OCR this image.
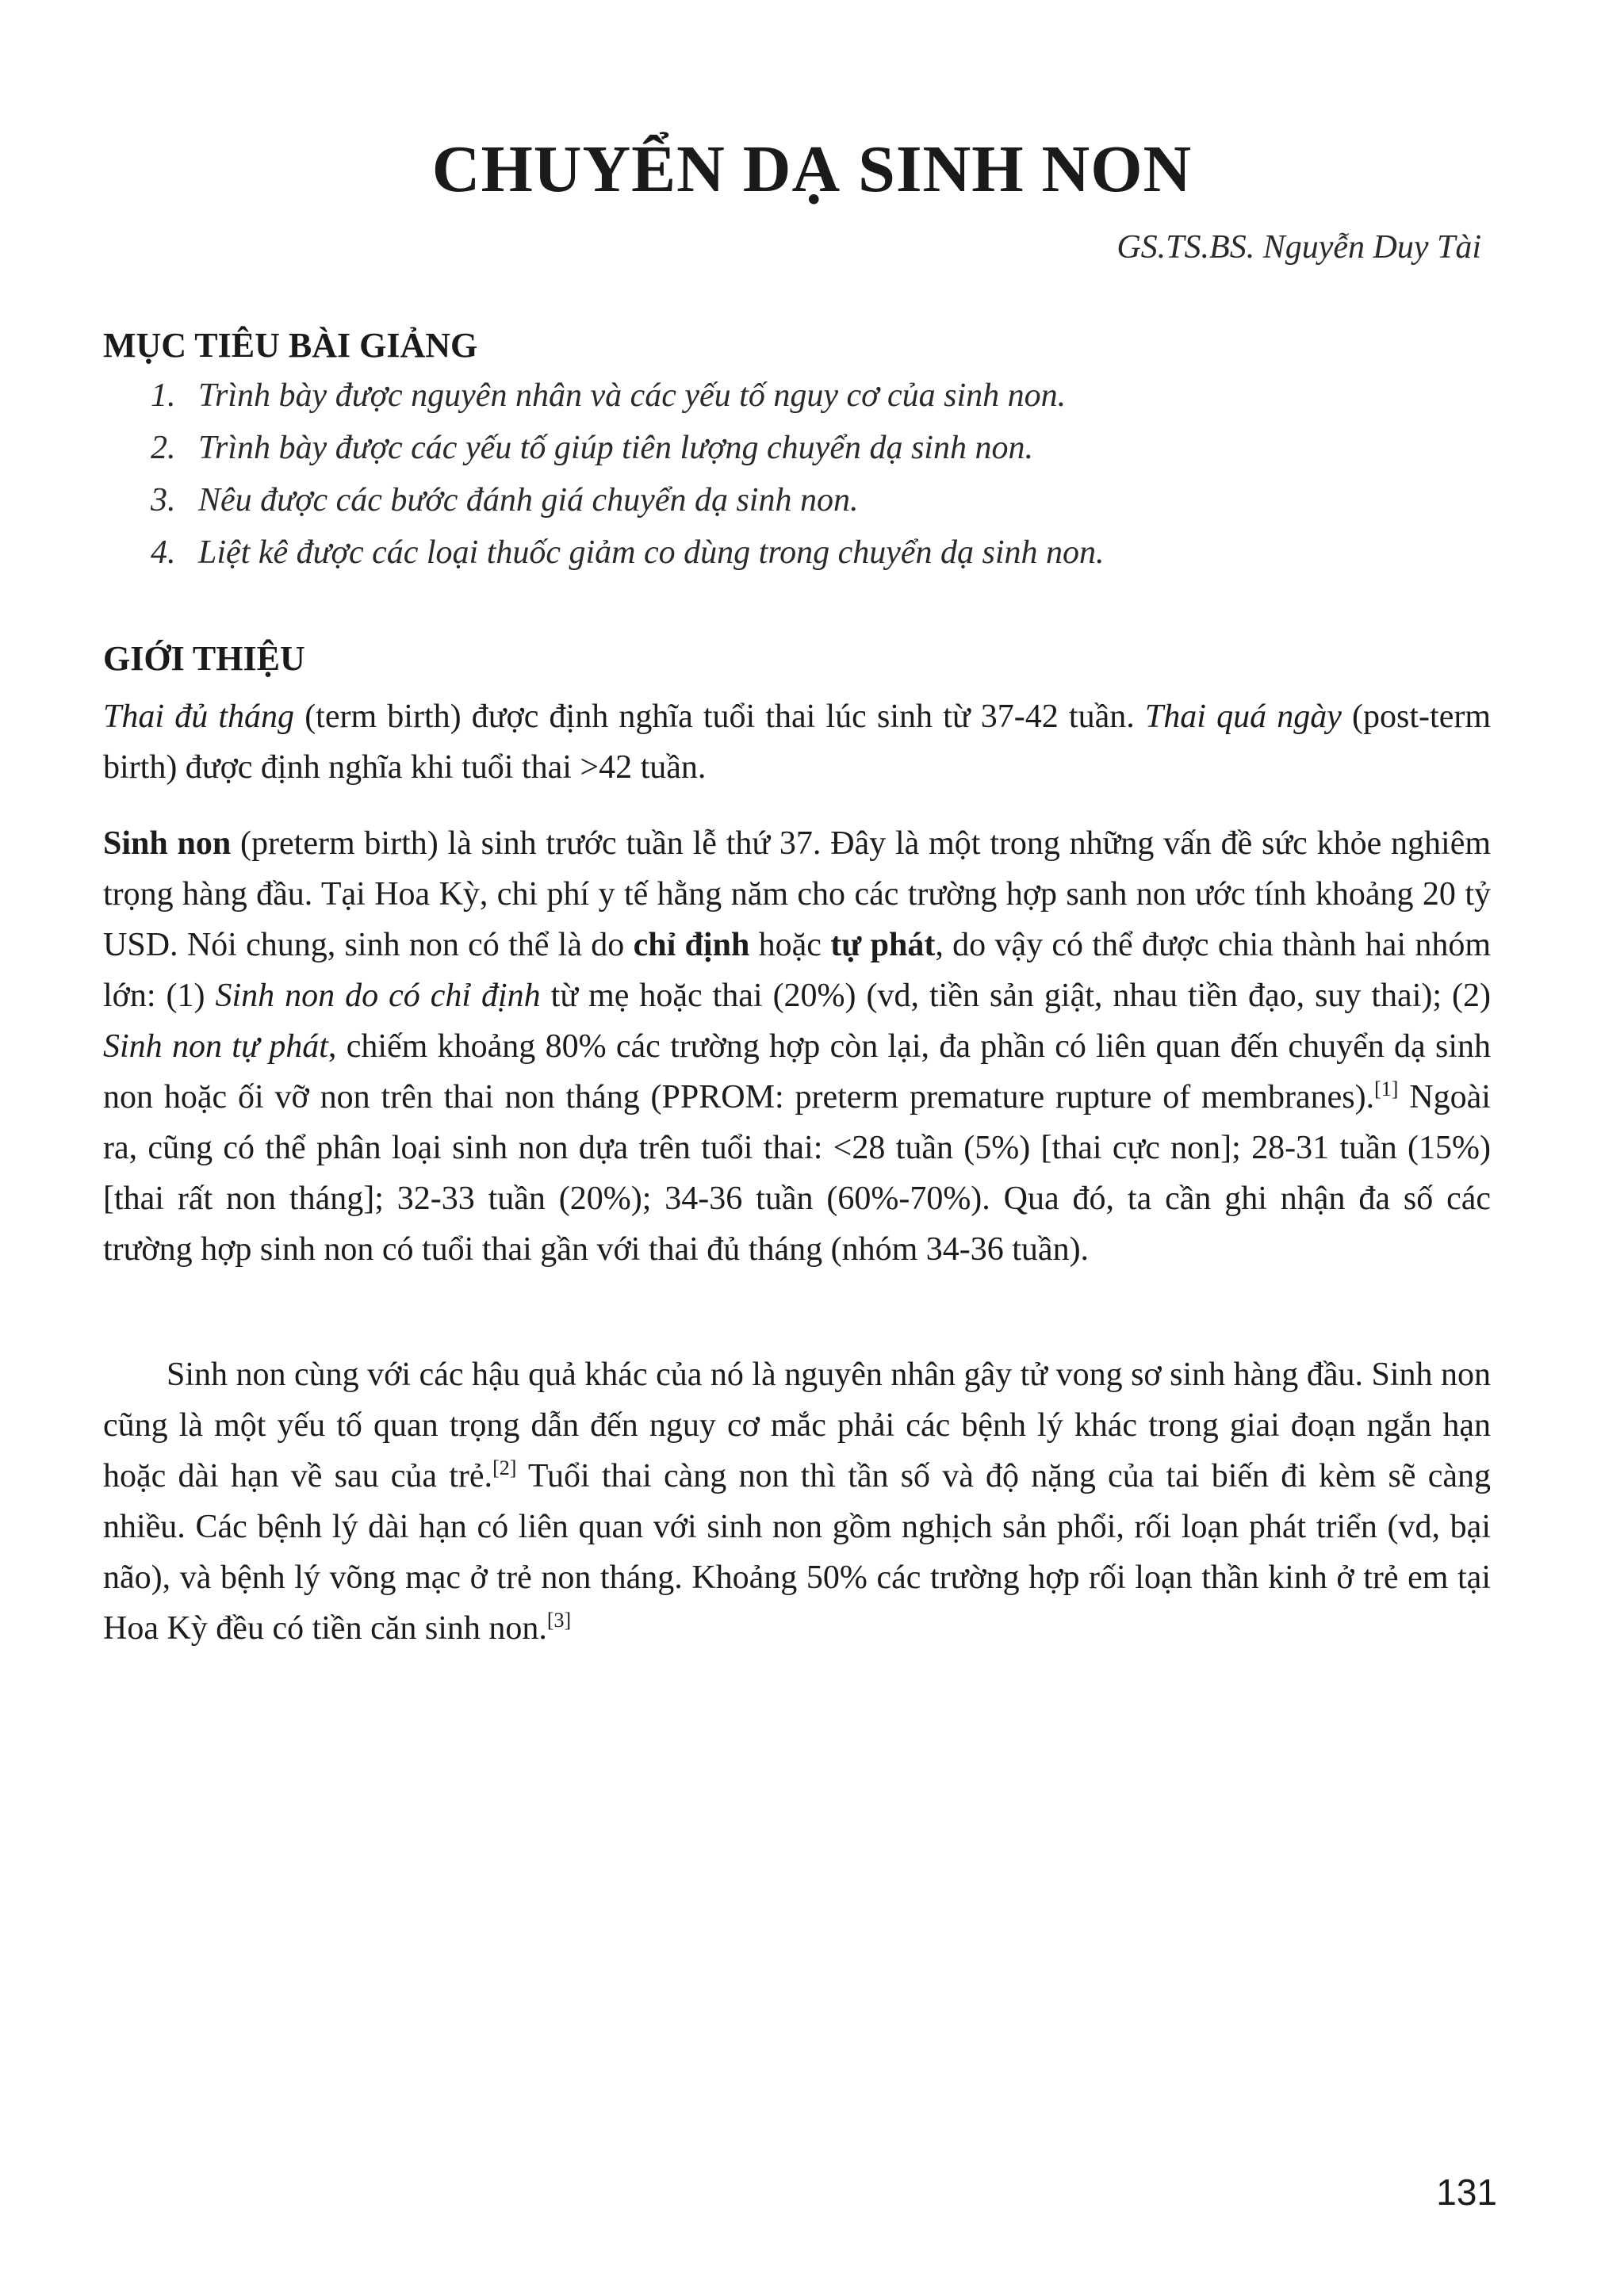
CHUYỂN DẠ SINH NON
GS.TS.BS. Nguyễn Duy Tài
MỤC TIÊU BÀI GIẢNG
1. Trình bày được nguyên nhân và các yếu tố nguy cơ của sinh non.
2. Trình bày được các yếu tố giúp tiên lượng chuyển dạ sinh non.
3. Nêu được các bước đánh giá chuyển dạ sinh non.
4. Liệt kê được các loại thuốc giảm co dùng trong chuyển dạ sinh non.
GIỚI THIỆU

Thai đủ tháng (term birth) được định nghĩa tuổi thai lúc sinh từ 37-42 tuần. Thai quá ngày (post-term birth) được định nghĩa khi tuổi thai >42 tuần.

Sinh non (preterm birth) là sinh trước tuần lễ thứ 37. Đây là một trong những vấn đề sức khỏe nghiêm trọng hàng đầu. Tại Hoa Kỳ, chi phí y tế hằng năm cho các trường hợp sanh non ước tính khoảng 20 tỷ USD. Nói chung, sinh non có thể là do chỉ định hoặc tự phát, do vậy có thể được chia thành hai nhóm lớn: (1) Sinh non do có chỉ định từ mẹ hoặc thai (20%) (vd, tiền sản giật, nhau tiền đạo, suy thai); (2) Sinh non tự phát, chiếm khoảng 80% các trường hợp còn lại, đa phần có liên quan đến chuyển dạ sinh non hoặc ối vỡ non trên thai non tháng (PPROM: preterm premature rupture of membranes).[1] Ngoài ra, cũng có thể phân loại sinh non dựa trên tuổi thai: <28 tuần (5%) [thai cực non]; 28-31 tuần (15%) [thai rất non tháng]; 32-33 tuần (20%); 34-36 tuần (60%-70%). Qua đó, ta cần ghi nhận đa số các trường hợp sinh non có tuổi thai gần với thai đủ tháng (nhóm 34-36 tuần).

Sinh non cùng với các hậu quả khác của nó là nguyên nhân gây tử vong sơ sinh hàng đầu. Sinh non cũng là một yếu tố quan trọng dẫn đến nguy cơ mắc phải các bệnh lý khác trong giai đoạn ngắn hạn hoặc dài hạn về sau của trẻ.[2] Tuổi thai càng non thì tần số và độ nặng của tai biến đi kèm sẽ càng nhiều. Các bệnh lý dài hạn có liên quan với sinh non gồm nghịch sản phổi, rối loạn phát triển (vd, bại não), và bệnh lý võng mạc ở trẻ non tháng. Khoảng 50% các trường hợp rối loạn thần kinh ở trẻ em tại Hoa Kỳ đều có tiền căn sinh non.[3]

131
